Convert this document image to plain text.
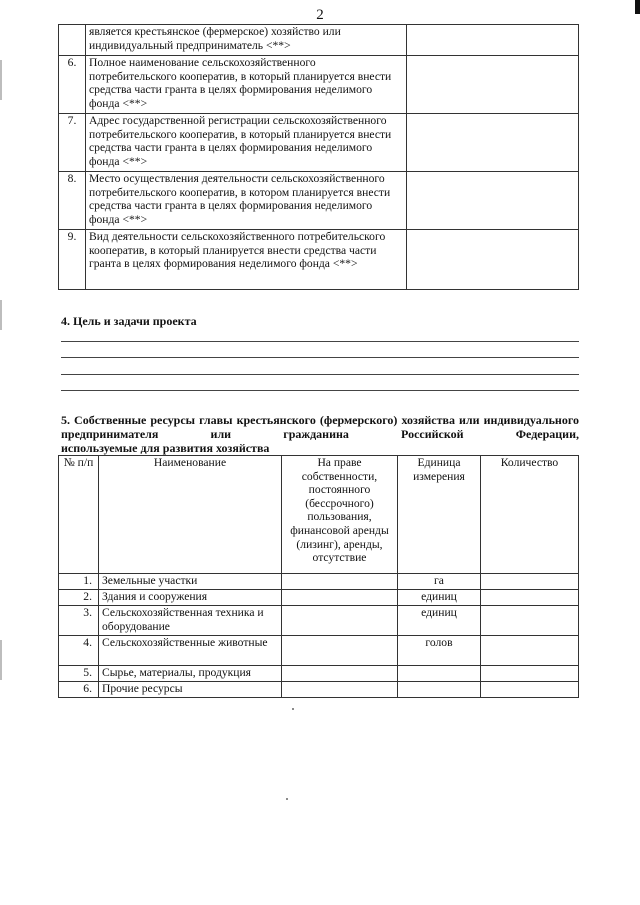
2
	является крестьянское (фермерское) хозяйство или индивидуальный предприниматель <**>	
6.	Полное наименование сельскохозяйственного потребительского кооператив, в который планируется внести средства части гранта в целях формирования неделимого фонда <**>	
7.	Адрес государственной регистрации сельскохозяйственного потребительского кооператив, в который планируется внести средства части гранта в целях формирования неделимого фонда <**>	
8.	Место осуществления деятельности сельскохозяйственного потребительского кооператив, в котором планируется внести средства части гранта в целях формирования неделимого фонда <**>	
9.	Вид деятельности сельскохозяйственного потребительского кооператив, в который планируется внести средства части гранта в целях формирования неделимого фонда <**>	
4. Цель и задачи проекта
5. Собственные ресурсы главы крестьянского (фермерского) хозяйства или индивидуального предпринимателя или гражданина Российской Федерации,
используемые для развития хозяйства
№ п/п	Наименование	На праве собственности, постоянного (бессрочного) пользования, финансовой аренды (лизинг), аренды, отсутствие	Единица измерения	Количество
1.	Земельные участки		га	
2.	Здания и сооружения		единиц	
3.	Сельскохозяйственная техника и оборудование		единиц	
4.	Сельскохозяйственные животные		голов	
5.	Сырье, материалы, продукция			
6.	Прочие ресурсы			
